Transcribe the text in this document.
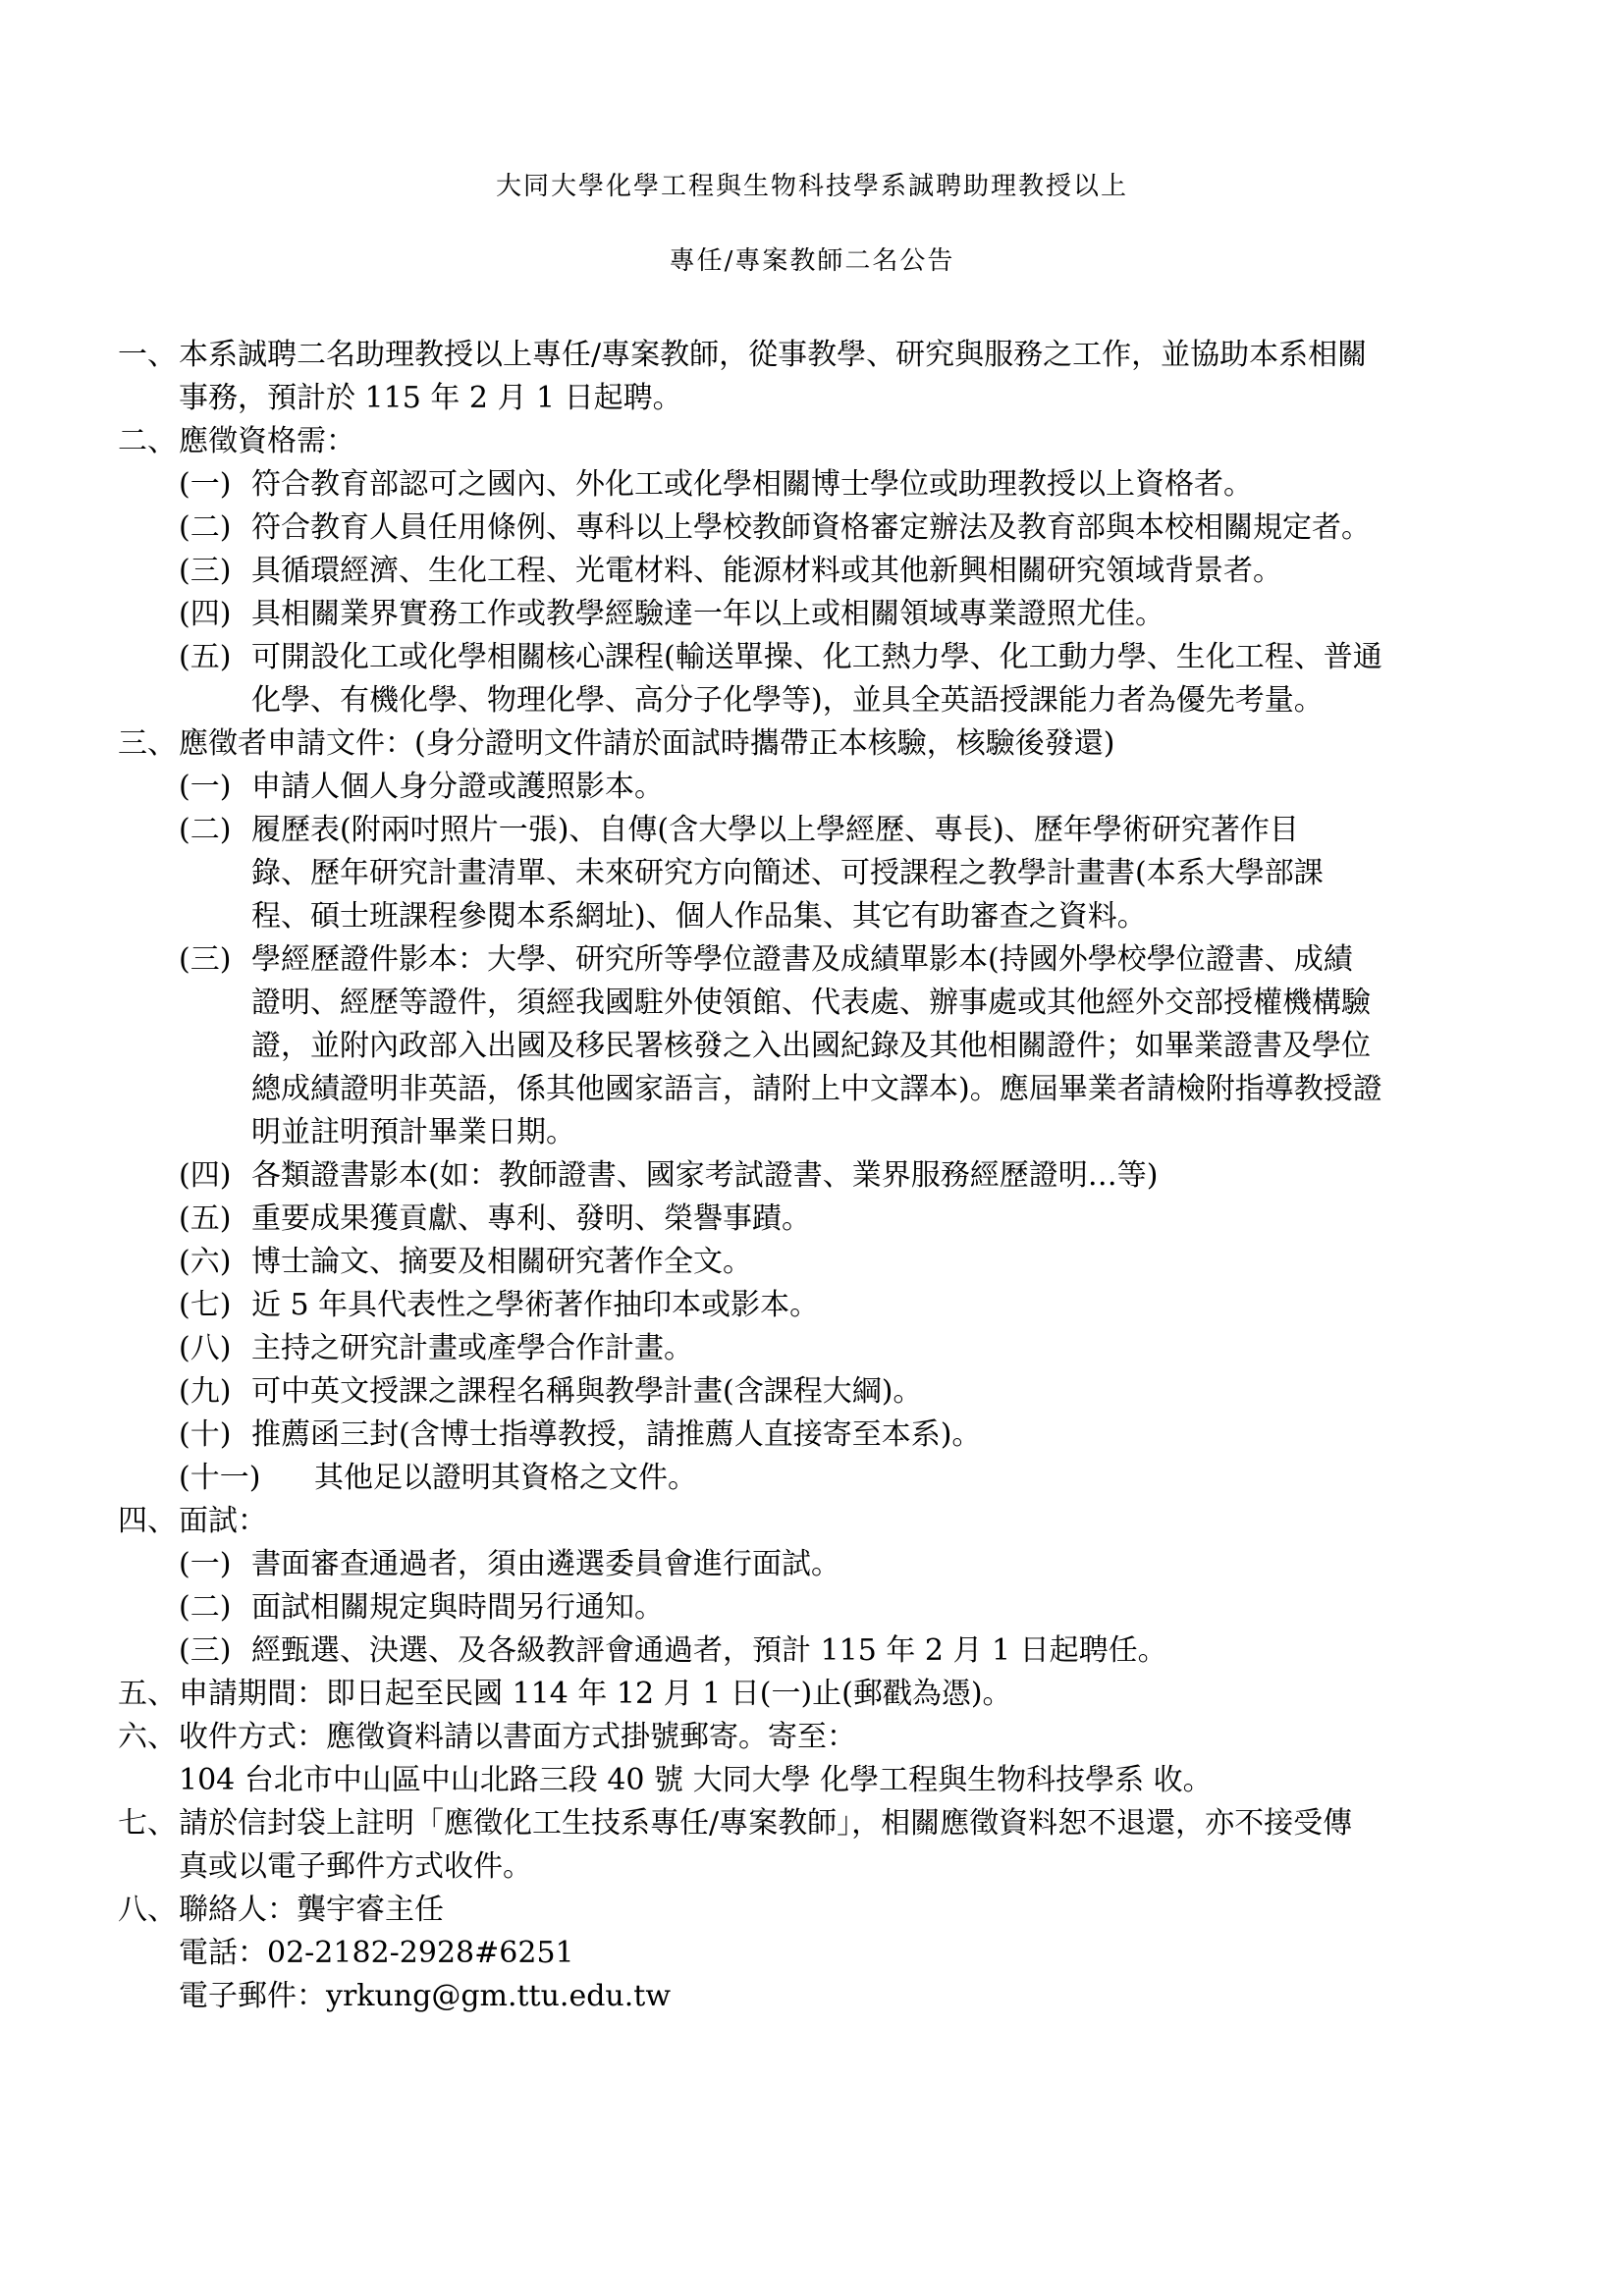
大同大學化學工程與生物科技學系誠聘助理教授以上
專任/專案教師二名公告
一、 本系誠聘二名助理教授以上專任/專案教師，從事教學、研究與服務之工作，並協助本系相關
事務，預計於 115 年 2 月 1 日起聘。
二、 應徵資格需：
(一) 符合教育部認可之國內、外化工或化學相關博士學位或助理教授以上資格者。
(二) 符合教育人員任用條例、專科以上學校教師資格審定辦法及教育部與本校相關規定者。
(三) 具循環經濟、生化工程、光電材料、能源材料或其他新興相關研究領域背景者。
(四) 具相關業界實務工作或教學經驗達一年以上或相關領域專業證照尤佳。
(五) 可開設化工或化學相關核心課程(輸送單操、化工熱力學、化工動力學、生化工程、普通
化學、有機化學、物理化學、高分子化學等)，並具全英語授課能力者為優先考量。
三、 應徵者申請文件：(身分證明文件請於面試時攜帶正本核驗，核驗後發還)
(一) 申請人個人身分證或護照影本。
(二) 履歷表(附兩吋照片一張)、自傳(含大學以上學經歷、專長)、歷年學術研究著作目
錄、歷年研究計畫清單、未來研究方向簡述、可授課程之教學計畫書(本系大學部課
程、碩士班課程參閱本系網址)、個人作品集、其它有助審查之資料。
(三) 學經歷證件影本：大學、研究所等學位證書及成績單影本(持國外學校學位證書、成績
證明、經歷等證件，須經我國駐外使領館、代表處、辦事處或其他經外交部授權機構驗
證，並附內政部入出國及移民署核發之入出國紀錄及其他相關證件；如畢業證書及學位
總成績證明非英語，係其他國家語言，請附上中文譯本)。應屆畢業者請檢附指導教授證
明並註明預計畢業日期。
(四) 各類證書影本(如：教師證書、國家考試證書、業界服務經歷證明…等)
(五) 重要成果獲貢獻、專利、發明、榮譽事蹟。
(六) 博士論文、摘要及相關研究著作全文。
(七) 近 5 年具代表性之學術著作抽印本或影本。
(八) 主持之研究計畫或產學合作計畫。
(九) 可中英文授課之課程名稱與教學計畫(含課程大綱)。
(十) 推薦函三封(含博士指導教授，請推薦人直接寄至本系)。
(十一) 其他足以證明其資格之文件。
四、 面試：
(一) 書面審查通過者，須由遴選委員會進行面試。
(二) 面試相關規定與時間另行通知。
(三) 經甄選、決選、及各級教評會通過者，預計 115 年 2 月 1 日起聘任。
五、 申請期間：即日起至民國 114 年 12 月 1 日(一)止(郵戳為憑)。
六、 收件方式：應徵資料請以書面方式掛號郵寄。寄至：
104 台北市中山區中山北路三段 40 號 大同大學 化學工程與生物科技學系 收。
七、 請於信封袋上註明「應徵化工生技系專任/專案教師」，相關應徵資料恕不退還，亦不接受傳
真或以電子郵件方式收件。
八、 聯絡人：龔宇睿主任
電話：02-2182-2928#6251
電子郵件：yrkung@gm.ttu.edu.tw
